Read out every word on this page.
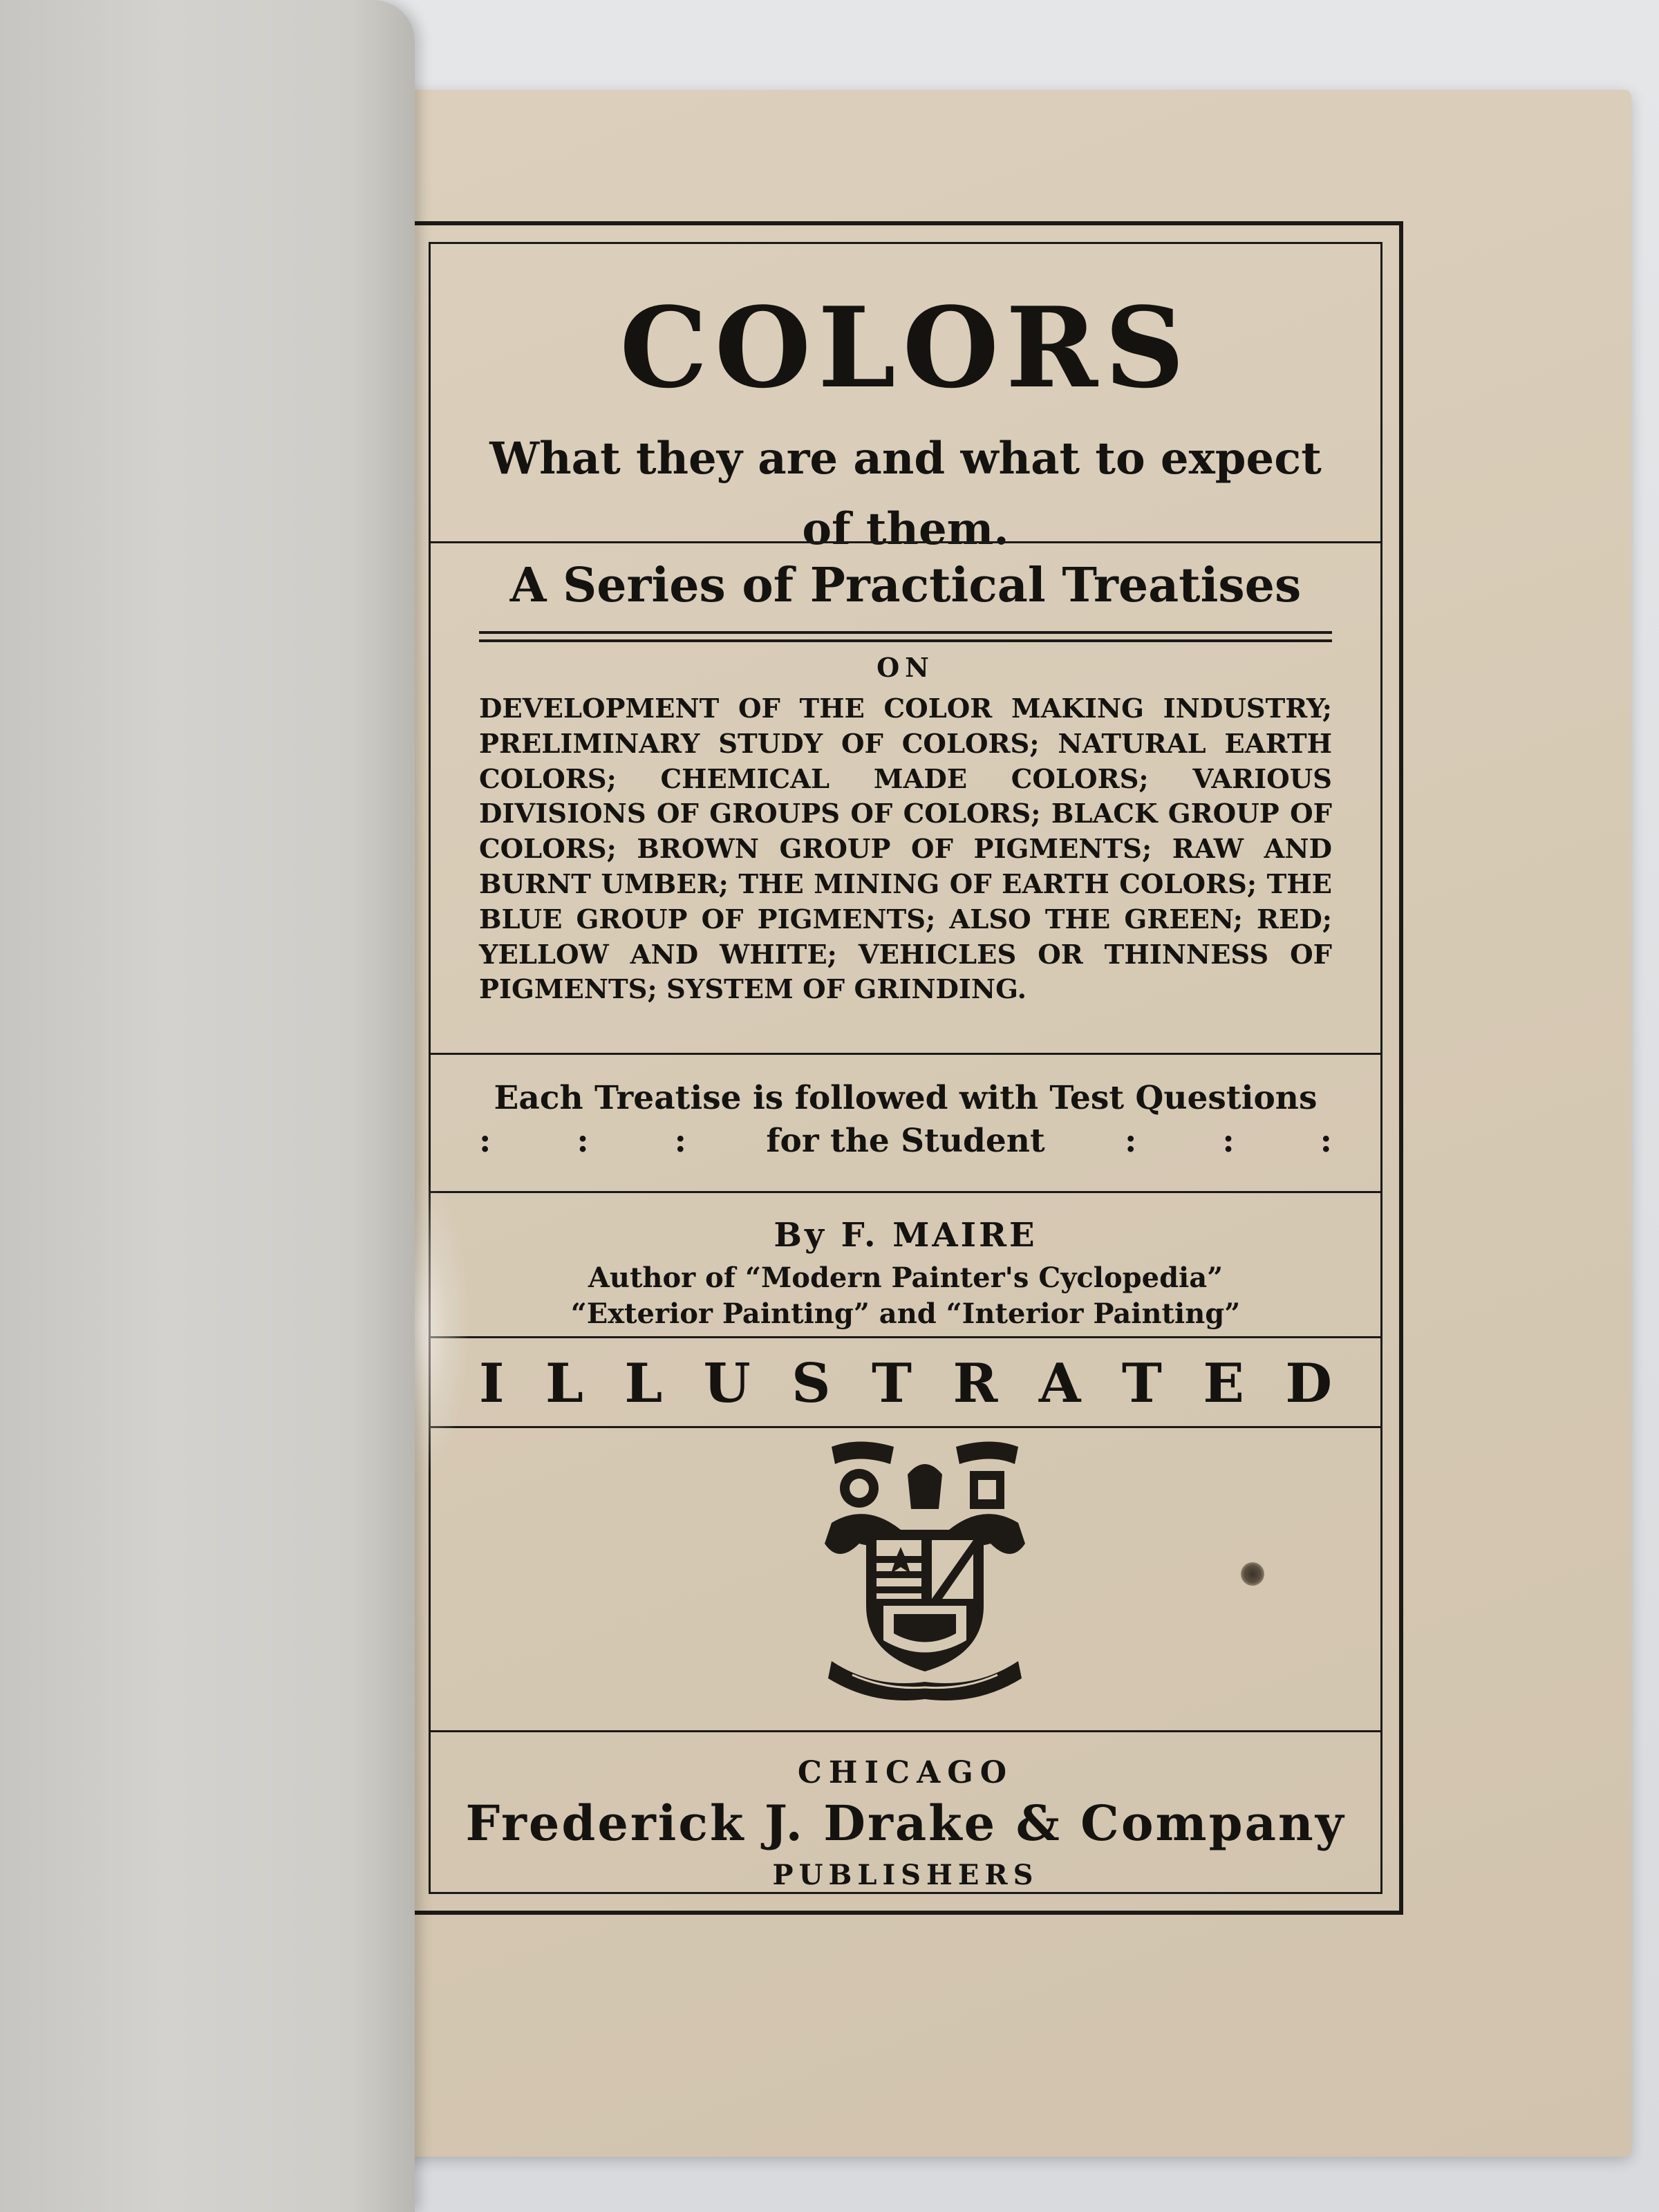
COLORS
What they are and what to expect of them.
A Series of Practical Treatises
ON
DEVELOPMENT OF THE COLOR MAKING INDUSTRY; PRELIMINARY STUDY OF COLORS; NATURAL EARTH COLORS; CHEMICAL MADE COLORS; VARIOUS DIVISIONS OF GROUPS OF COLORS; BLACK GROUP OF COLORS; BROWN GROUP OF PIGMENTS; RAW AND BURNT UMBER; THE MINING OF EARTH COLORS; THE BLUE GROUP OF PIGMENTS; ALSO THE GREEN; RED; YELLOW AND WHITE; VEHICLES OR THINNESS OF PIGMENTS; SYSTEM OF GRINDING.
Each Treatise is followed with Test Questions
:	:	: for the Student :	:	:
By F. MAIRE
Author of “Modern Painter's Cyclopedia”
“Exterior Painting” and “Interior Painting”
I L L U S T R A T E D
CHICAGO
Frederick J. Drake & Company
PUBLISHERS
